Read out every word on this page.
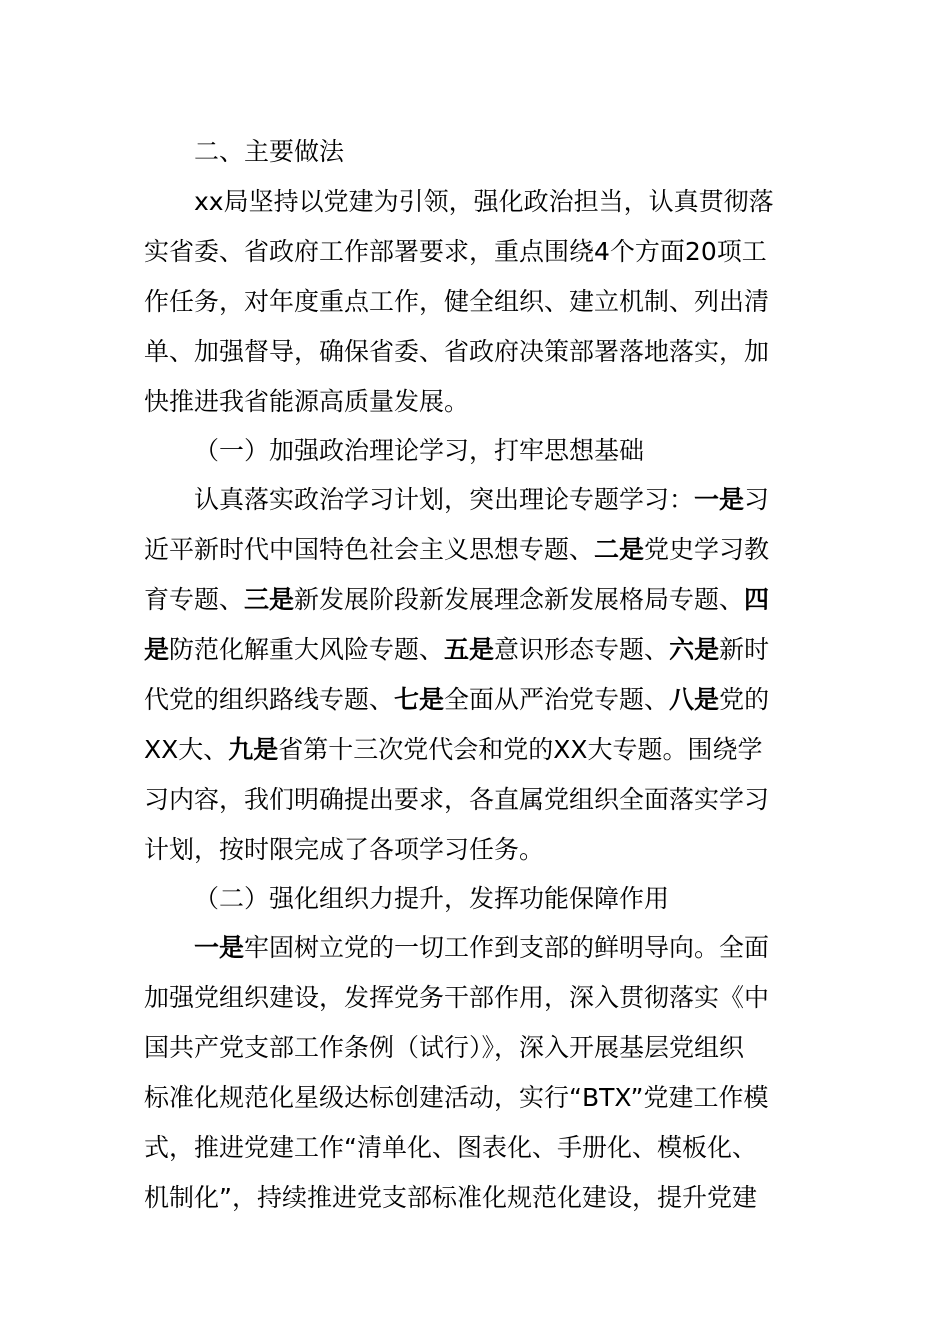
二、主要做法
xx局坚持以党建为引领，强化政治担当，认真贯彻落
实省委、省政府工作部署要求，重点围绕4个方面20项工
作任务，对年度重点工作，健全组织、建立机制、列出清
单、加强督导，确保省委、省政府决策部署落地落实，加
快推进我省能源高质量发展。
（一）加强政治理论学习，打牢思想基础
认真落实政治学习计划，突出理论专题学习：一是习
近平新时代中国特色社会主义思想专题、二是党史学习教
育专题、三是新发展阶段新发展理念新发展格局专题、四
是防范化解重大风险专题、五是意识形态专题、六是新时
代党的组织路线专题、七是全面从严治党专题、八是党的
XX大、九是省第十三次党代会和党的XX大专题。围绕学
习内容，我们明确提出要求，各直属党组织全面落实学习
计划，按时限完成了各项学习任务。
（二）强化组织力提升，发挥功能保障作用
一是牢固树立党的一切工作到支部的鲜明导向。全面
加强党组织建设，发挥党务干部作用，深入贯彻落实《中
国共产党支部工作条例（试行）》，深入开展基层党组织
标准化规范化星级达标创建活动，实行“BTX”党建工作模
式，推进党建工作“清单化、图表化、手册化、模板化、
机制化”，持续推进党支部标准化规范化建设，提升党建
